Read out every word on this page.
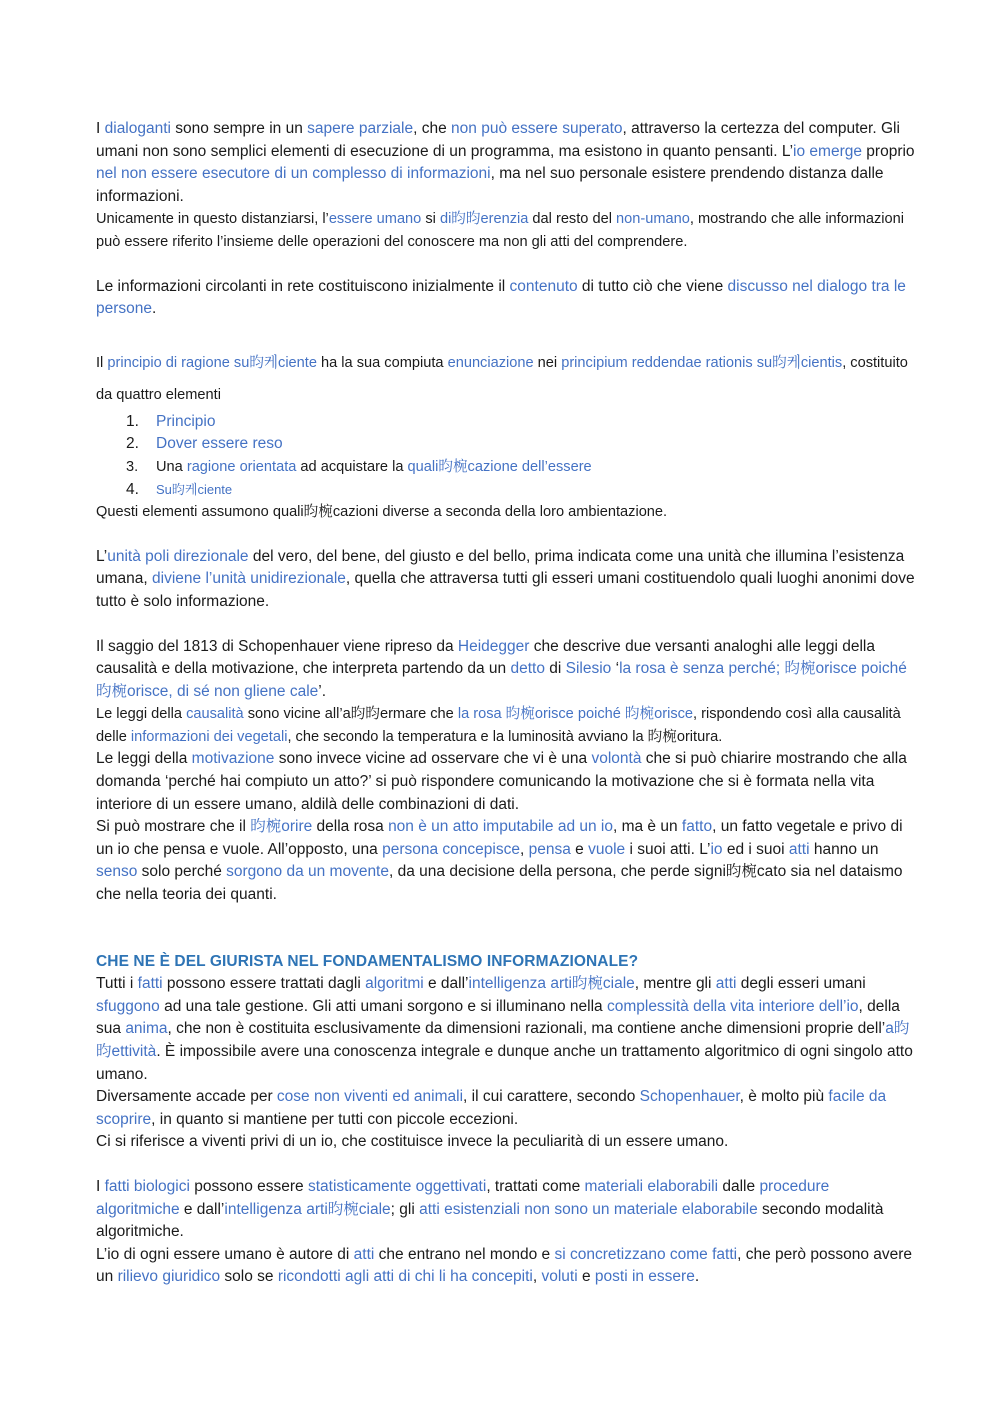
I dialoganti sono sempre in un sapere parziale, che non può essere superato, attraverso la certezza del computer. Gli umani non sono semplici elementi di esecuzione di un programma, ma esistono in quanto pensanti. L’io emerge proprio nel non essere esecutore di un complesso di informazioni, ma nel suo personale esistere prendendo distanza dalle informazioni.

Unicamente in questo distanziarsi, l’essere umano si di昀昀erenzia dal resto del non-umano, mostrando che alle informazioni può essere riferito l’insieme delle operazioni del conoscere ma non gli atti del comprendere.

Le informazioni circolanti in rete costituiscono inizialmente il contenuto di tutto ciò che viene discusso nel dialogo tra le persone.

Il principio di ragione su昀케ciente ha la sua compiuta enunciazione nei principium reddendae rationis su昀케cientis, costituito da quattro elementi

1. Principio
2. Dover essere reso
3. Una ragione orientata ad acquistare la quali昀椀cazione dell’essere
4. Su昀케ciente

Questi elementi assumono quali昀椀cazioni diverse a seconda della loro ambientazione.

L’unità poli direzionale del vero, del bene, del giusto e del bello, prima indicata come una unità che illumina l’esistenza umana, diviene l’unità unidirezionale, quella che attraversa tutti gli esseri umani costituendolo quali luoghi anonimi dove tutto è solo informazione.

Il saggio del 1813 di Schopenhauer viene ripreso da Heidegger che descrive due versanti analoghi alle leggi della causalità e della motivazione, che interpreta partendo da un detto di Silesio ‘la rosa è senza perché; 昀椀orisce poiché 昀椀orisce, di sé non gliene cale’.

Le leggi della causalità sono vicine all’a昀昀ermare che la rosa 昀椀orisce poiché 昀椀orisce, rispondendo così alla causalità delle informazioni dei vegetali, che secondo la temperatura e la luminosità avviano la 昀椀oritura.

Le leggi della motivazione sono invece vicine ad osservare che vi è una volontà che si può chiarire mostrando che alla domanda ‘perché hai compiuto un atto?’ si può rispondere comunicando la motivazione che si è formata nella vita interiore di un essere umano, aldilà delle combinazioni di dati.

Si può mostrare che il 昀椀orire della rosa non è un atto imputabile ad un io, ma è un fatto, un fatto vegetale e privo di un io che pensa e vuole. All’opposto, una persona concepisce, pensa e vuole i suoi atti. L’io ed i suoi atti hanno un senso solo perché sorgono da un movente, da una decisione della persona, che perde signi昀椀cato sia nel dataismo che nella teoria dei quanti.

CHE NE È DEL GIURISTA NEL FONDAMENTALISMO INFORMAZIONALE?

Tutti i fatti possono essere trattati dagli algoritmi e dall’intelligenza arti昀椀ciale, mentre gli atti degli esseri umani sfuggono ad una tale gestione. Gli atti umani sorgono e si illuminano nella complessità della vita interiore dell’io, della sua anima, che non è costituita esclusivamente da dimensioni razionali, ma contiene anche dimensioni proprie dell’a昀昀ettività. È impossibile avere una conoscenza integrale e dunque anche un trattamento algoritmico di ogni singolo atto umano.

Diversamente accade per cose non viventi ed animali, il cui carattere, secondo Schopenhauer, è molto più facile da scoprire, in quanto si mantiene per tutti con piccole eccezioni.

Ci si riferisce a viventi privi di un io, che costituisce invece la peculiarità di un essere umano.

I fatti biologici possono essere statisticamente oggettivati, trattati come materiali elaborabili dalle procedure algoritmiche e dall’intelligenza arti昀椀ciale; gli atti esistenziali non sono un materiale elaborabile secondo modalità algoritmiche.

L’io di ogni essere umano è autore di atti che entrano nel mondo e si concretizzano come fatti, che però possono avere un rilievo giuridico solo se ricondotti agli atti di chi li ha concepiti, voluti e posti in essere.
